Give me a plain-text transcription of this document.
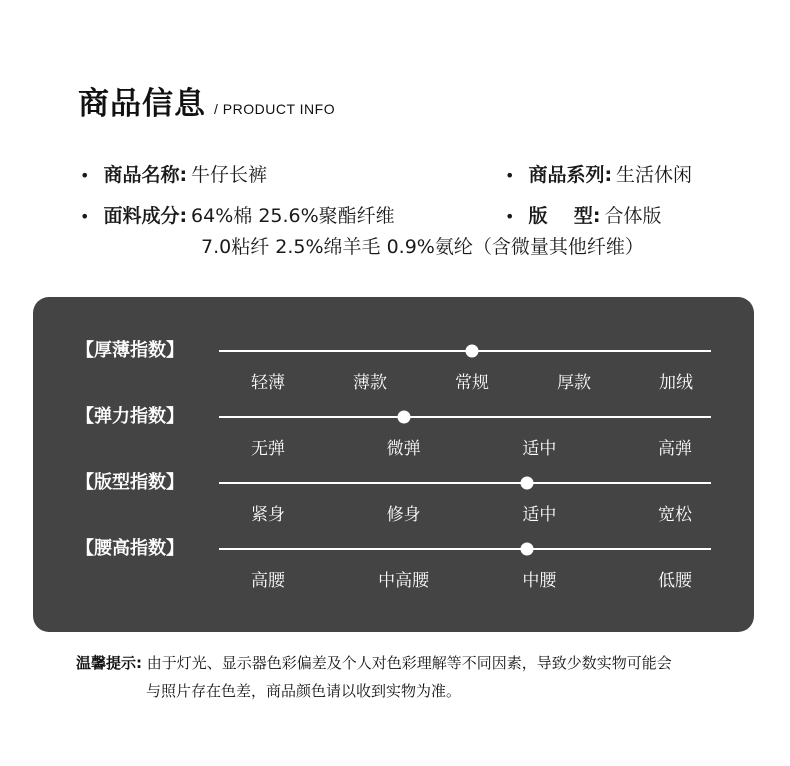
商品信息 / PRODUCT INFO
• 商品名称: 牛仔长裤	• 商品系列: 生活休闲
• 面料成分: 64%棉 25.6%聚酯纤维
7.0粘纤 2.5%绵羊毛 0.9%氨纶（含微量其他纤维）
• 版    型: 合体版
【厚薄指数】
轻薄	薄款	常规	厚款	加绒
【弹力指数】
无弹	微弹	适中	高弹
【版型指数】
紧身	修身	适中	宽松
【腰高指数】
高腰	中高腰	中腰	低腰
温馨提示: 由于灯光、显示器色彩偏差及个人对色彩理解等不同因素，导致少数实物可能会
与照片存在色差，商品颜色请以收到实物为准。
